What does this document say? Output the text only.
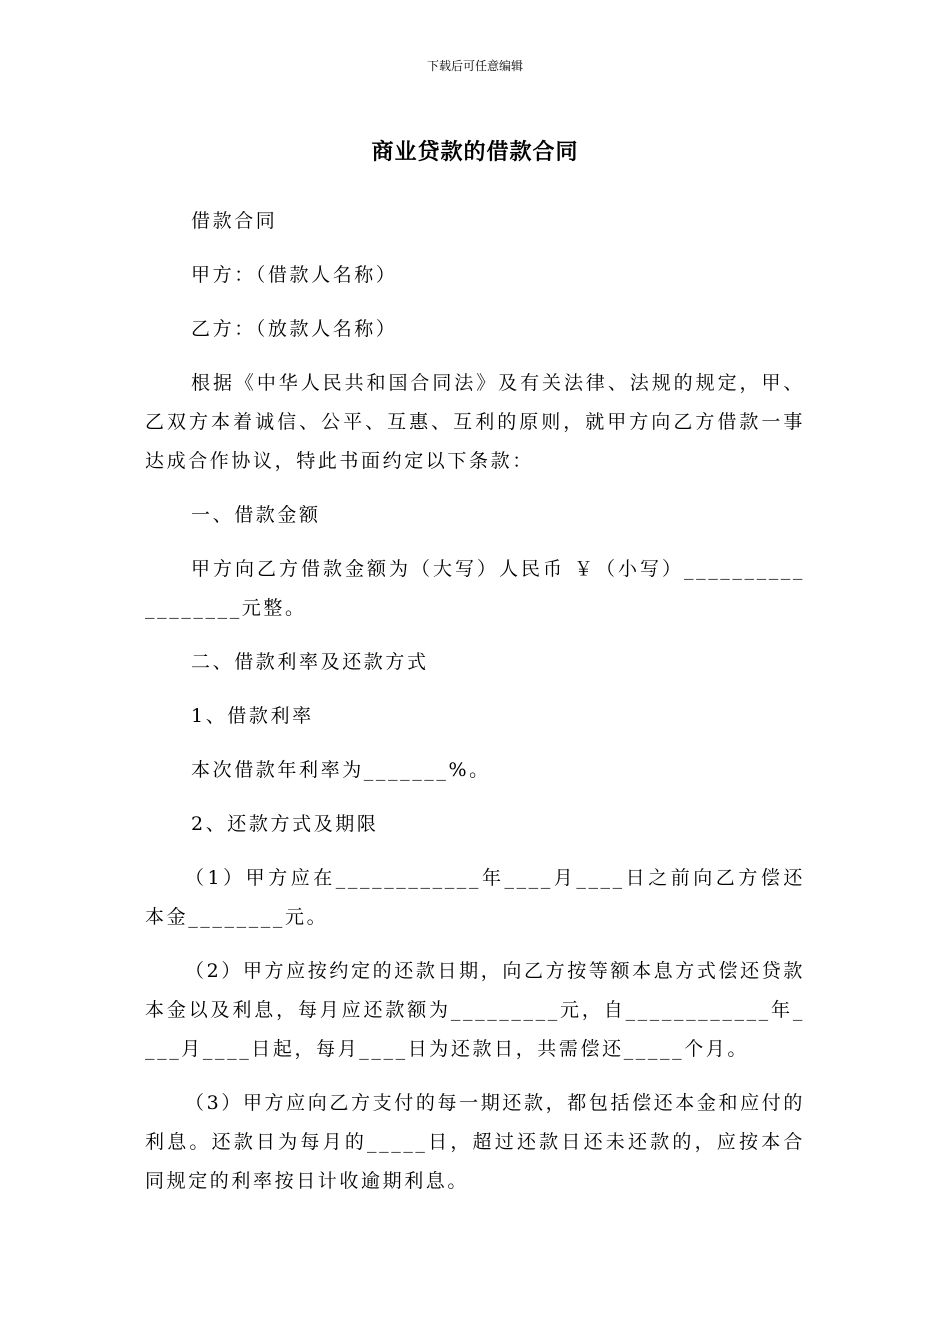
下载后可任意编辑
商业贷款的借款合同

借款合同

甲方：（借款人名称）

乙方：（放款人名称）

根据《中华人民共和国合同法》及有关法律、法规的规定，甲、乙双方本着诚信、公平、互惠、互利的原则，就甲方向乙方借款一事达成合作协议，特此书面约定以下条款：

一、借款金额

甲方向乙方借款金额为（大写）人民币 ￥（小写）__________________元整。

二、借款利率及还款方式

1、借款利率

本次借款年利率为_______%。

2、还款方式及期限

（1）甲方应在____________年____月____日之前向乙方偿还本金________元。

（2）甲方应按约定的还款日期，向乙方按等额本息方式偿还贷款本金以及利息，每月应还款额为_________元，自____________年____月____日起，每月____日为还款日，共需偿还_____个月。

（3）甲方应向乙方支付的每一期还款，都包括偿还本金和应付的利息。还款日为每月的_____日，超过还款日还未还款的，应按本合同规定的利率按日计收逾期利息。
